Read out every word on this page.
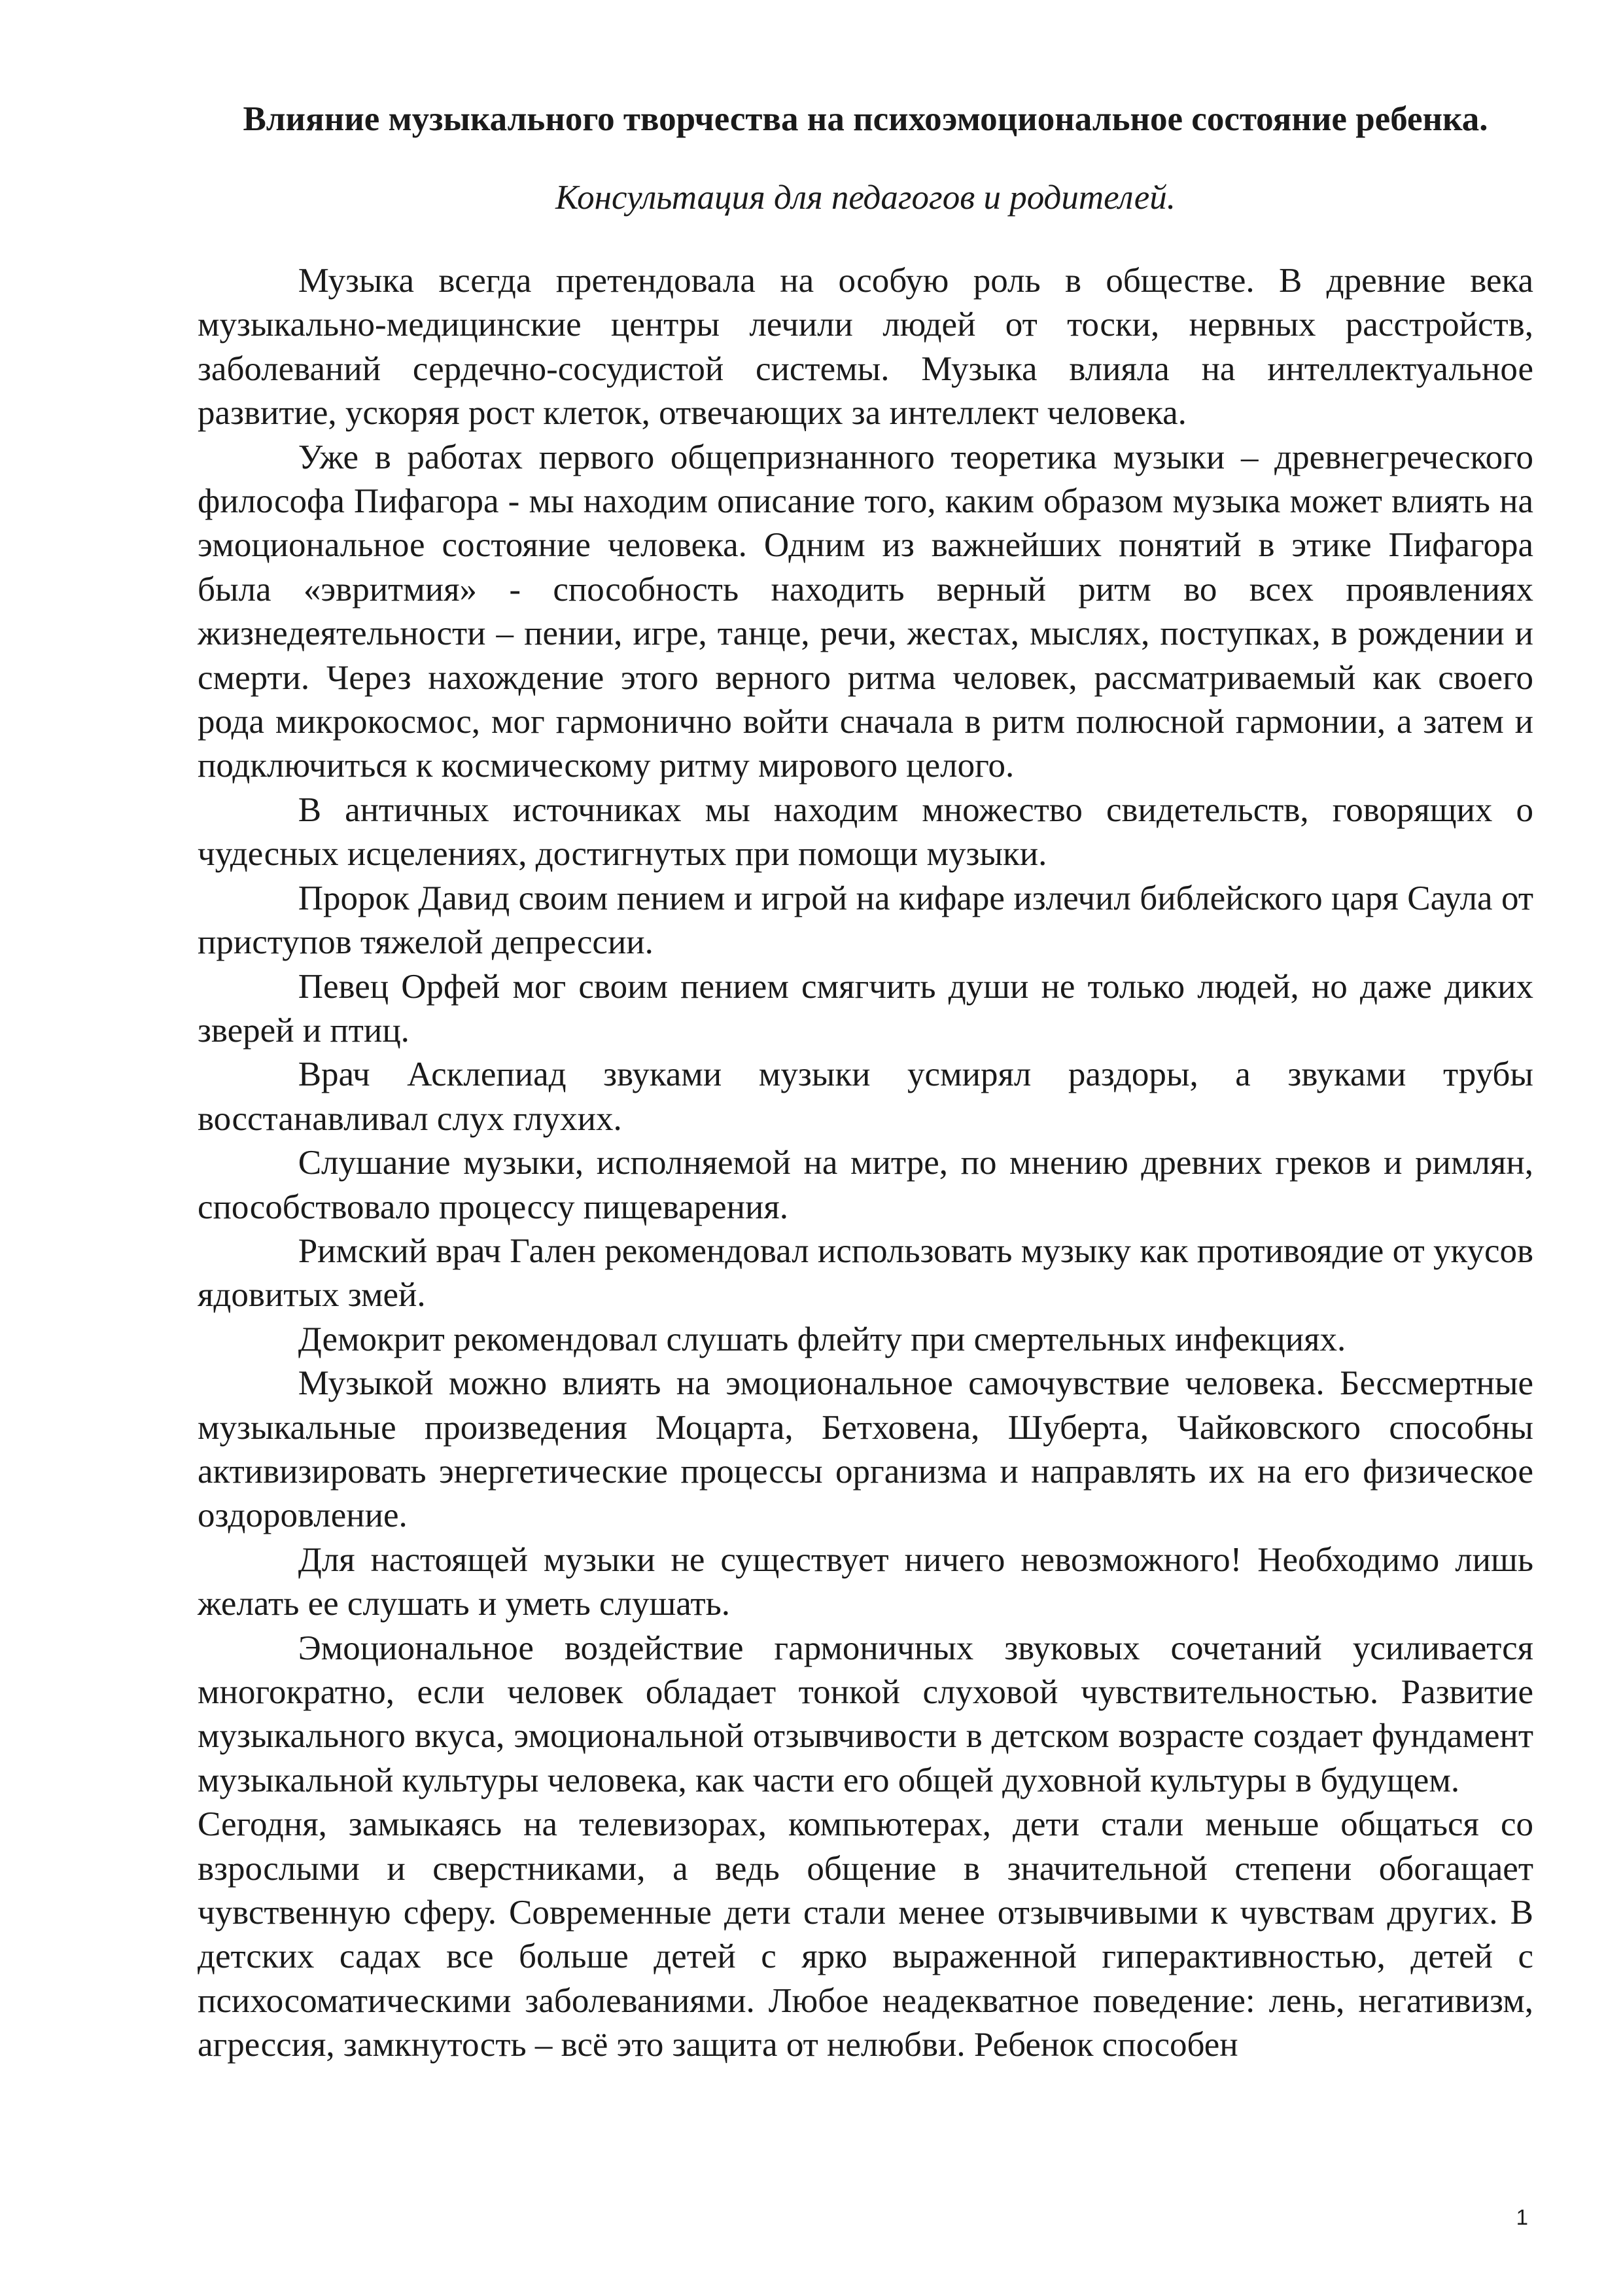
Влияние музыкального творчества на психоэмоциональное состояние ребенка.
Консультация для педагогов и родителей.

Музыка всегда претендовала на особую роль в обществе. В древние века музыкально-медицинские центры лечили людей от тоски, нервных расстройств, заболеваний сердечно-сосудистой системы. Музыка влияла на интеллектуальное развитие, ускоряя рост клеток, отвечающих за интеллект человека.

Уже в работах первого общепризнанного теоретика музыки – древнегреческого философа Пифагора - мы находим описание того, каким образом музыка может влиять на эмоциональное состояние человека. Одним из важнейших понятий в этике Пифагора была «эвритмия» - способность находить верный ритм во всех проявлениях жизнедеятельности – пении, игре, танце, речи, жестах, мыслях, поступках, в рождении и смерти. Через нахождение этого верного ритма человек, рассматриваемый как своего рода микрокосмос, мог гармонично войти сначала в ритм полюсной гармонии, а затем и подключиться к космическому ритму мирового целого.

В античных источниках мы находим множество свидетельств, говорящих о чудесных исцелениях, достигнутых при помощи музыки.

Пророк Давид своим пением и игрой на кифаре излечил библейского царя Саула от приступов тяжелой депрессии.

Певец Орфей мог своим пением смягчить души не только людей, но даже диких зверей и птиц.

Врач Асклепиад звуками музыки усмирял раздоры, а звуками трубы восстанавливал слух глухих.

Слушание музыки, исполняемой на митре, по мнению древних греков и римлян, способствовало процессу пищеварения.

Римский врач Гален рекомендовал использовать музыку как противоядие от укусов ядовитых змей.

Демокрит рекомендовал слушать флейту при смертельных инфекциях.

Музыкой можно влиять на эмоциональное самочувствие человека. Бессмертные музыкальные произведения Моцарта, Бетховена, Шуберта, Чайковского способны активизировать энергетические процессы организма и направлять их на его физическое оздоровление.

Для настоящей музыки не существует ничего невозможного! Необходимо лишь желать ее слушать и уметь слушать.

Эмоциональное воздействие гармоничных звуковых сочетаний усиливается многократно, если человек обладает тонкой слуховой чувствительностью. Развитие музыкального вкуса, эмоциональной отзывчивости в детском возрасте создает фундамент музыкальной культуры человека, как части его общей духовной культуры в будущем.

Сегодня, замыкаясь на телевизорах, компьютерах, дети стали меньше общаться со взрослыми и сверстниками, а ведь общение в значительной степени обогащает чувственную сферу. Современные дети стали менее отзывчивыми к чувствам других. В детских садах все больше детей с ярко выраженной гиперактивностью, детей с психосоматическими заболеваниями. Любое неадекватное поведение: лень, негативизм, агрессия, замкнутость – всё это защита от нелюбви. Ребенок способен

1
